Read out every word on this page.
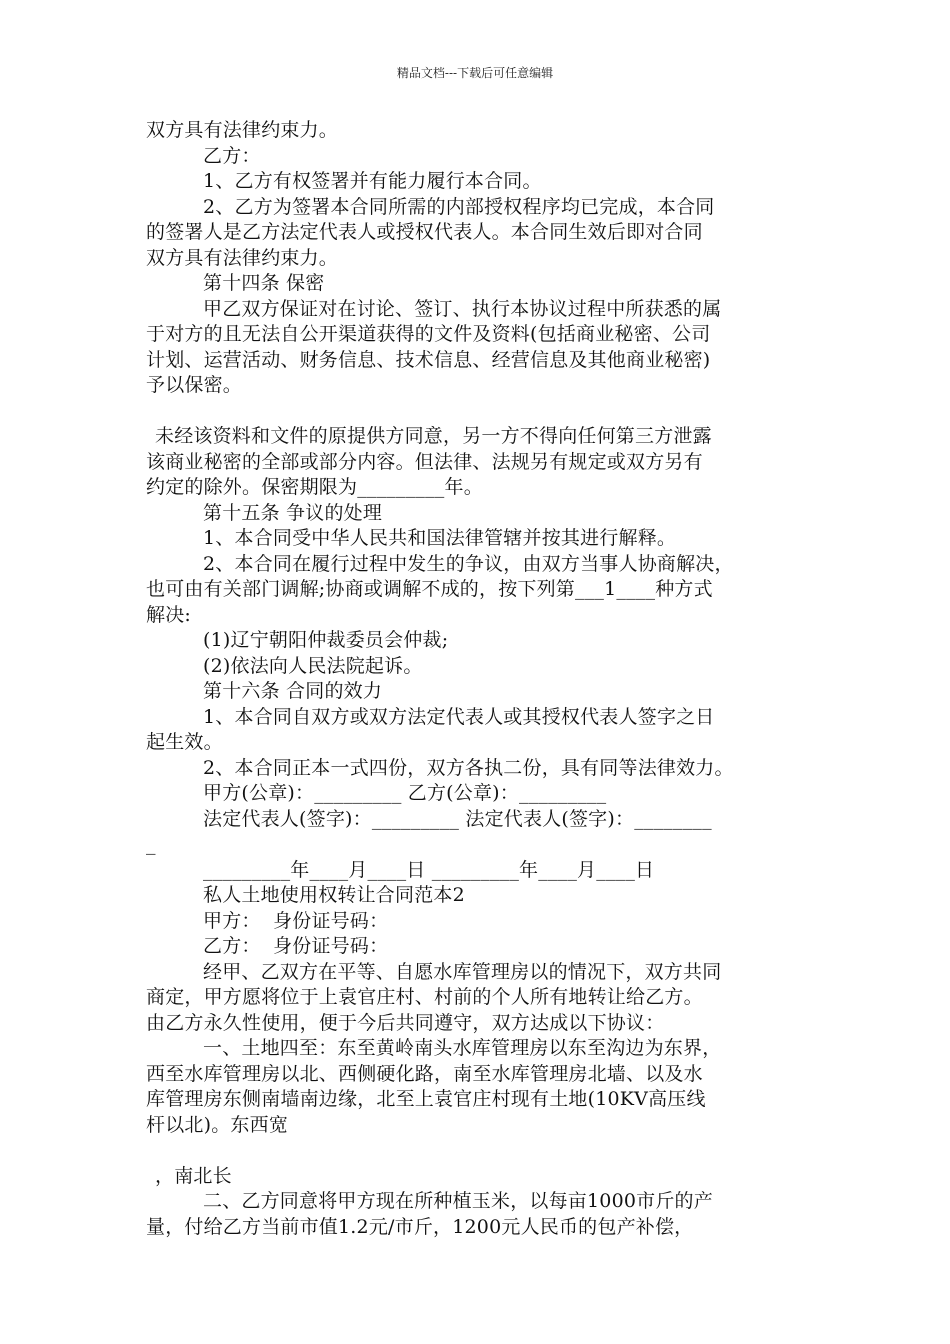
精品文档---下载后可任意编辑
双方具有法律约束力。
乙方：
1、乙方有权签署并有能力履行本合同。
2、乙方为签署本合同所需的内部授权程序均已完成，本合同
的签署人是乙方法定代表人或授权代表人。本合同生效后即对合同
双方具有法律约束力。
第十四条 保密
甲乙双方保证对在讨论、签订、执行本协议过程中所获悉的属
于对方的且无法自公开渠道获得的文件及资料(包括商业秘密、公司
计划、运营活动、财务信息、技术信息、经营信息及其他商业秘密)
予以保密。
未经该资料和文件的原提供方同意，另一方不得向任何第三方泄露
该商业秘密的全部或部分内容。但法律、法规另有规定或双方另有
约定的除外。保密期限为_________年。
第十五条 争议的处理
1、本合同受中华人民共和国法律管辖并按其进行解释。
2、本合同在履行过程中发生的争议，由双方当事人协商解决，
也可由有关部门调解;协商或调解不成的，按下列第___1____种方式
解决:
(1)辽宁朝阳仲裁委员会仲裁;
(2)依法向人民法院起诉。
第十六条 合同的效力
1、本合同自双方或双方法定代表人或其授权代表人签字之日
起生效。
2、本合同正本一式四份，双方各执二份，具有同等法律效力。
甲方(公章)：_________ 乙方(公章)：_________
法定代表人(签字)：_________ 法定代表人(签字)：________
_
_________年____月____日 _________年____月____日
私人土地使用权转让合同范本2
甲方：  身份证号码：
乙方：  身份证号码：
经甲、乙双方在平等、自愿水库管理房以的情况下，双方共同
商定，甲方愿将位于上袁官庄村、村前的个人所有地转让给乙方。
由乙方永久性使用，便于今后共同遵守，双方达成以下协议：
一、土地四至：东至黄岭南头水库管理房以东至沟边为东界，
西至水库管理房以北、西侧硬化路，南至水库管理房北墙、以及水
库管理房东侧南墙南边缘，北至上袁官庄村现有土地(10KV高压线
杆以北)。东西宽
，南北长
二、乙方同意将甲方现在所种植玉米，以每亩1000市斤的产
量，付给乙方当前市值1.2元/市斤，1200元人民币的包产补偿，
